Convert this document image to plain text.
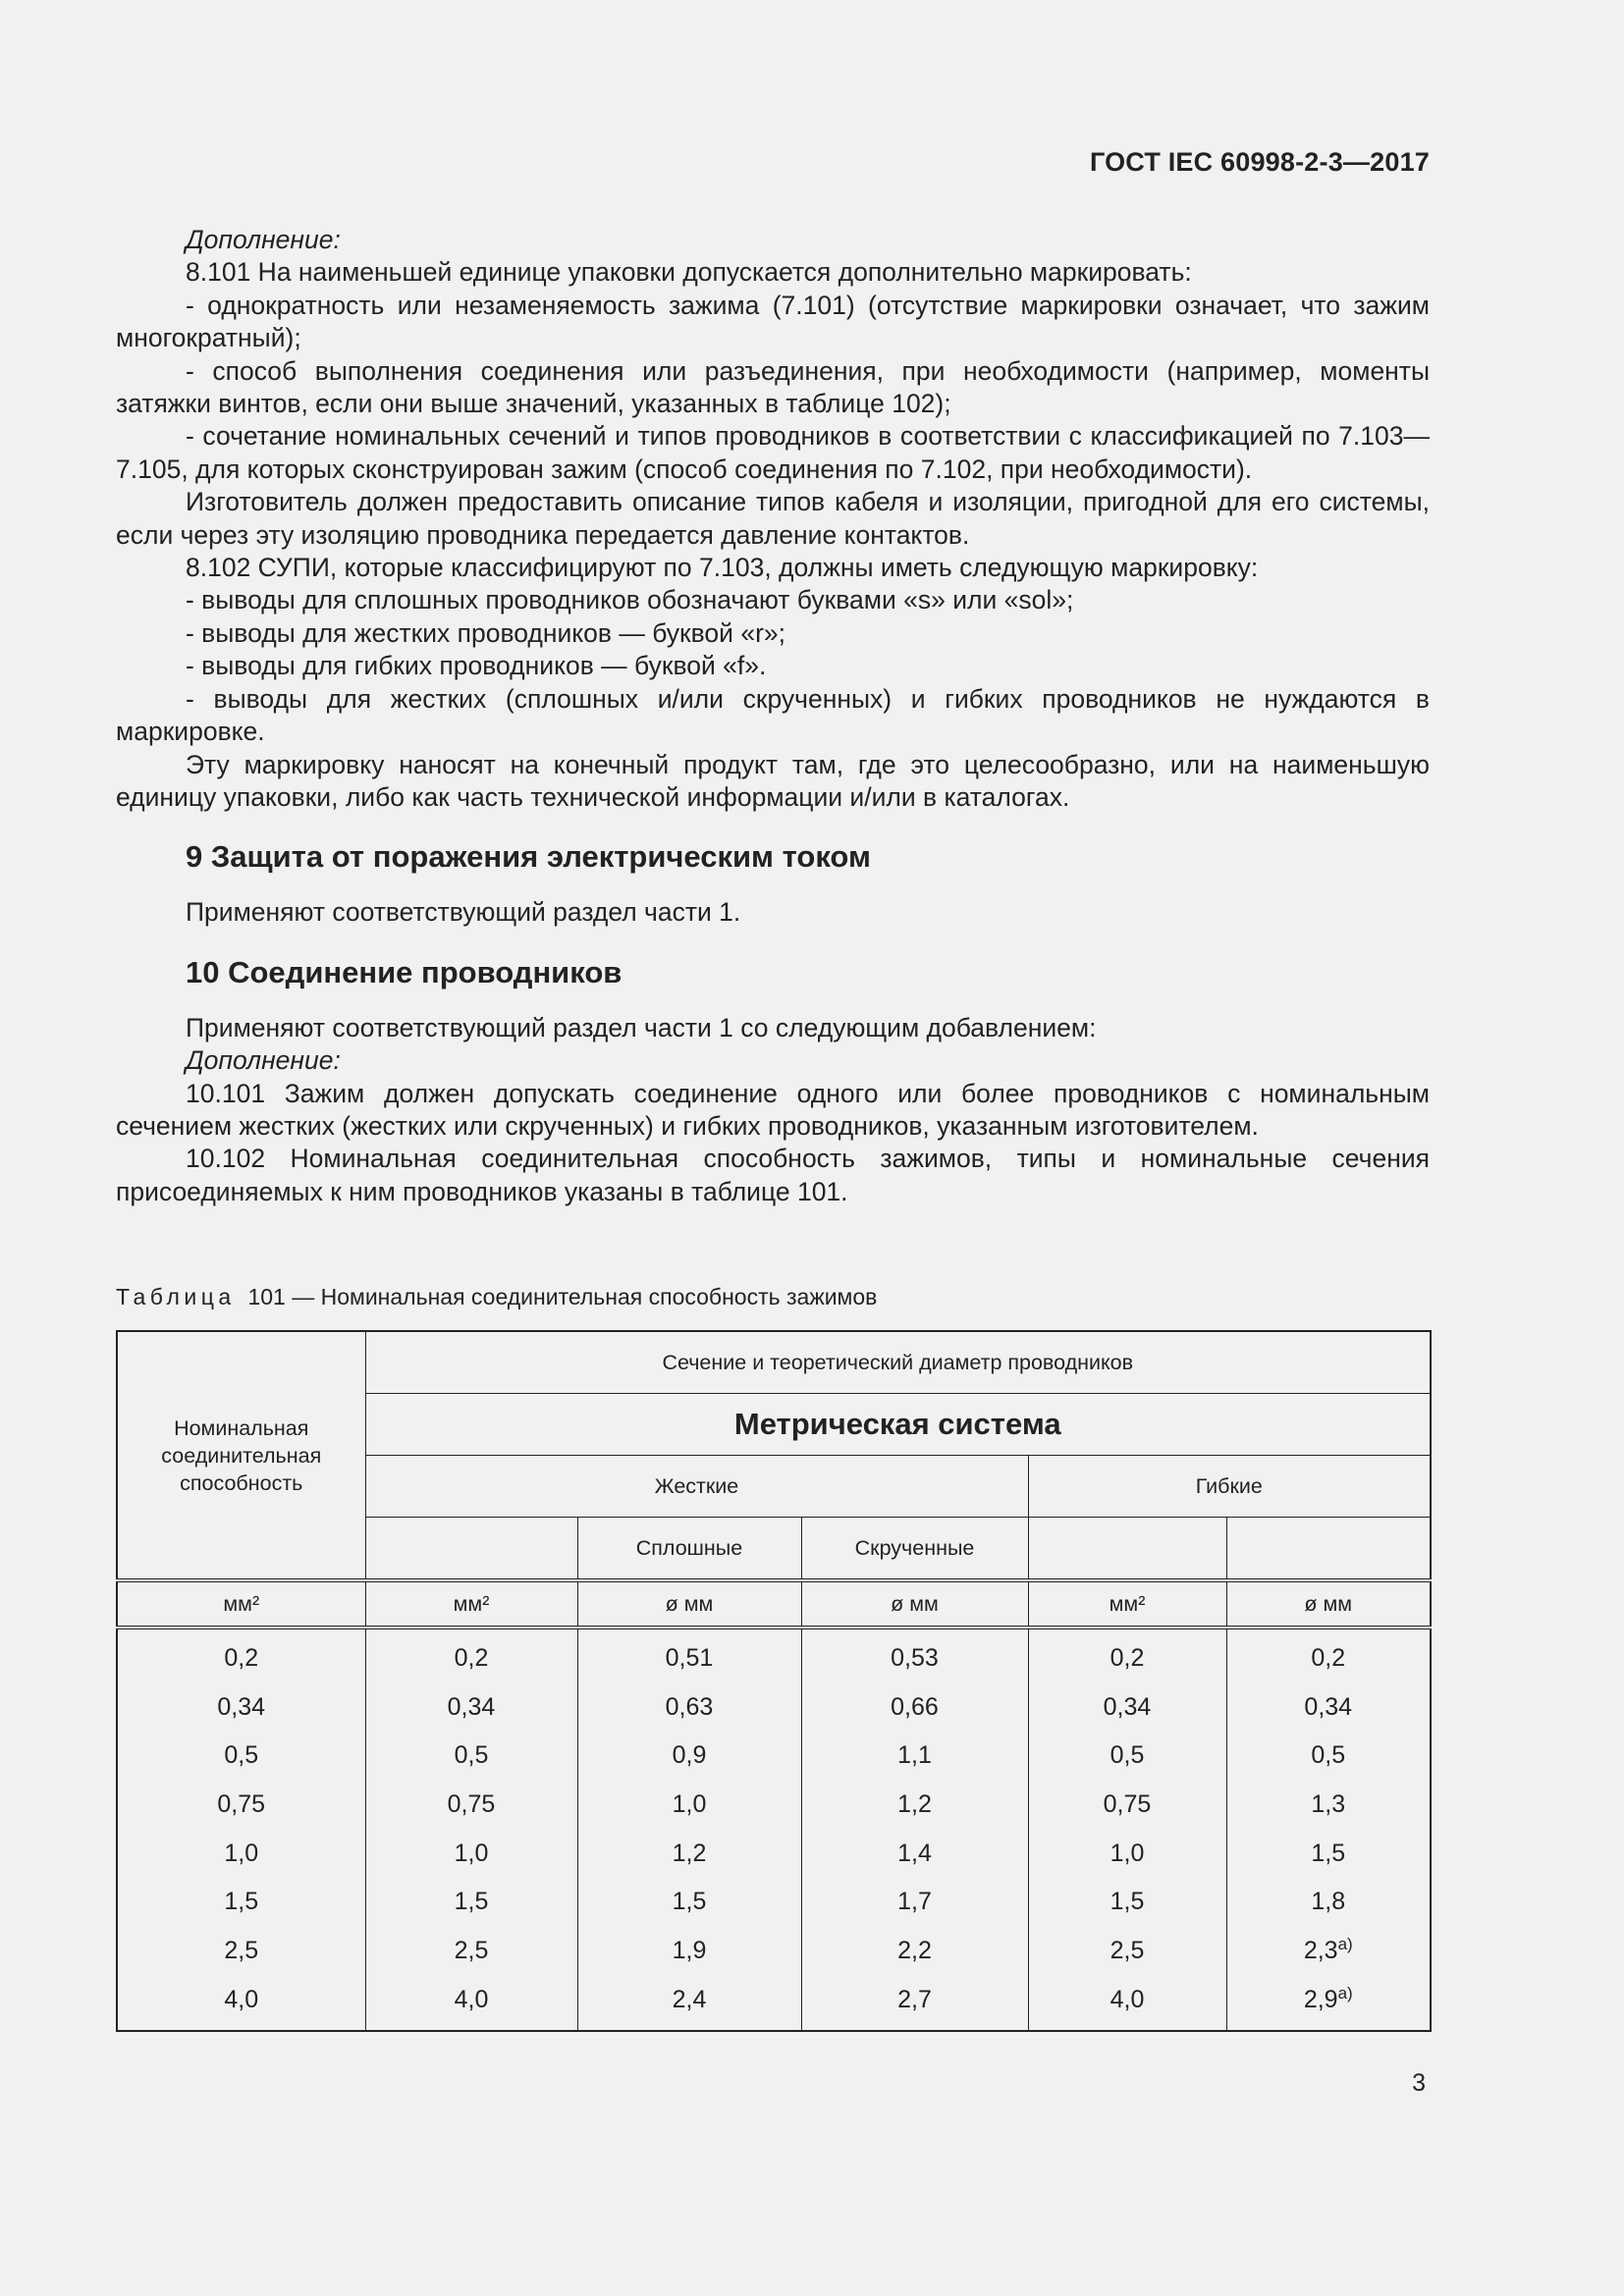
ГОСТ IEC 60998-2-3—2017

Дополнение:

8.101 На наименьшей единице упаковки допускается дополнительно маркировать:

- однократность или незаменяемость зажима (7.101) (отсутствие маркировки означает, что зажим многократный);

- способ выполнения соединения или разъединения, при необходимости (например, моменты затяжки винтов, если они выше значений, указанных в таблице 102);

- сочетание номинальных сечений и типов проводников в соответствии с классификацией по 7.103—7.105, для которых сконструирован зажим (способ соединения по 7.102, при необходимости).

Изготовитель должен предоставить описание типов кабеля и изоляции, пригодной для его системы, если через эту изоляцию проводника передается давление контактов.

8.102 СУПИ, которые классифицируют по 7.103, должны иметь следующую маркировку:

- выводы для сплошных проводников обозначают буквами «s» или «sol»;

- выводы для жестких проводников — буквой «r»;

- выводы для гибких проводников — буквой «f».

- выводы для жестких (сплошных и/или скрученных) и гибких проводников не нуждаются в маркировке.

Эту маркировку наносят на конечный продукт там, где это целесообразно, или на наименьшую единицу упаковки, либо как часть технической информации и/или в каталогах.

9 Защита от поражения электрическим током

Применяют соответствующий раздел части 1.

10 Соединение проводников

Применяют соответствующий раздел части 1 со следующим добавлением:

Дополнение:

10.101 Зажим должен допускать соединение одного или более проводников с номинальным сечением жестких (жестких или скрученных) и гибких проводников, указанным изготовителем.

10.102 Номинальная соединительная способность зажимов, типы и номинальные сечения присоединяемых к ним проводников указаны в таблице 101.

Таблица 101 — Номинальная соединительная способность зажимов
Номинальная соединительная способность	Сечение и теоретический диаметр проводников				
	Метрическая система				
	Жесткие			Гибкие	
		Сплошные	Скрученные		
мм²	мм²	ø мм	ø мм	мм²	ø мм
0,2	0,2	0,51	0,53	0,2	0,2
0,34	0,34	0,63	0,66	0,34	0,34
0,5	0,5	0,9	1,1	0,5	0,5
0,75	0,75	1,0	1,2	0,75	1,3
1,0	1,0	1,2	1,4	1,0	1,5
1,5	1,5	1,5	1,7	1,5	1,8
2,5	2,5	1,9	2,2	2,5	$2,3^{а)}$
4,0	4,0	2,4	2,7	4,0	$2,9^{а)}$
3
